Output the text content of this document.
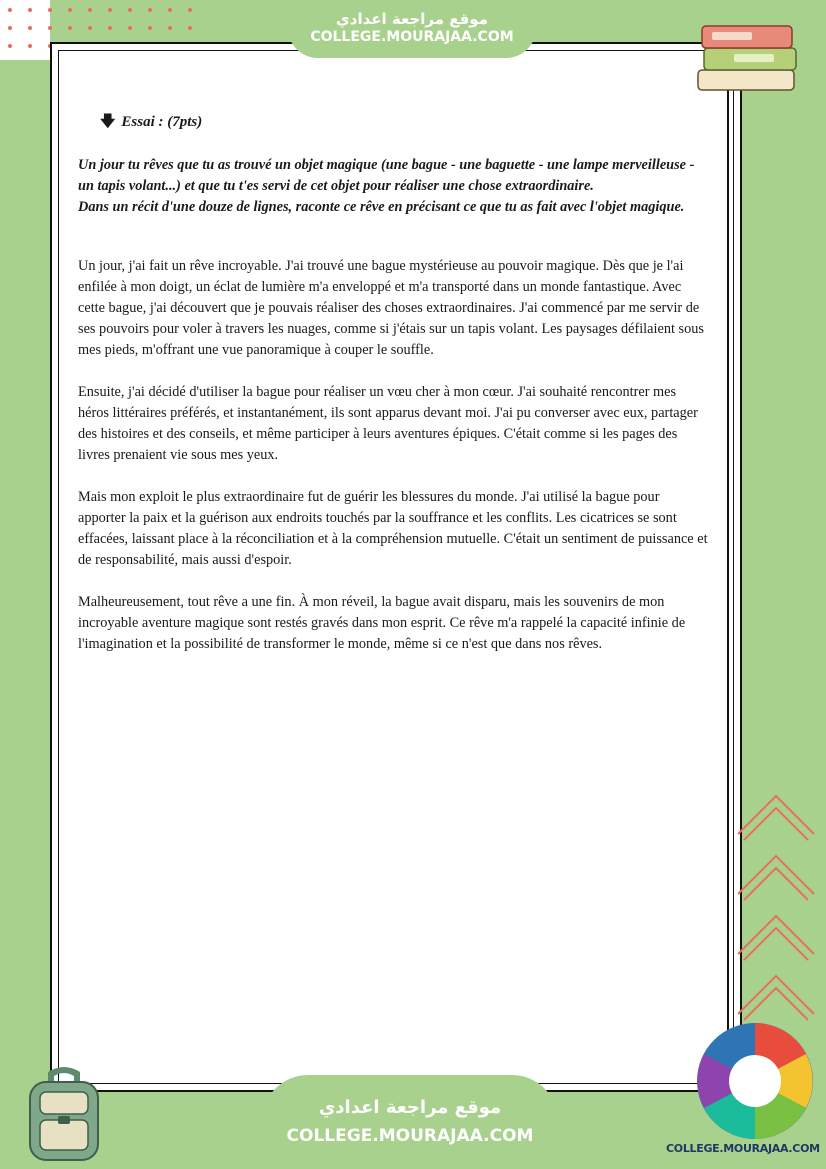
موقع مراجعة اعدادي
COLLEGE.MOURAJAA.COM
🡇 Essai : (7pts)

Un jour tu rêves que tu as trouvé un objet magique (une bague - une baguette - une lampe merveilleuse - un tapis volant...) et que tu t'es servi de cet objet pour réaliser une chose extraordinaire.

Dans un récit d'une douze de lignes, raconte ce rêve en précisant ce que tu as fait avec l'objet magique.

Un jour, j'ai fait un rêve incroyable. J'ai trouvé une bague mystérieuse au pouvoir magique. Dès que je l'ai enfilée à mon doigt, un éclat de lumière m'a enveloppé et m'a transporté dans un monde fantastique. Avec cette bague, j'ai découvert que je pouvais réaliser des choses extraordinaires. J'ai commencé par me servir de ses pouvoirs pour voler à travers les nuages, comme si j'étais sur un tapis volant. Les paysages défilaient sous mes pieds, m'offrant une vue panoramique à couper le souffle.

Ensuite, j'ai décidé d'utiliser la bague pour réaliser un vœu cher à mon cœur. J'ai souhaité rencontrer mes héros littéraires préférés, et instantanément, ils sont apparus devant moi. J'ai pu converser avec eux, partager des histoires et des conseils, et même participer à leurs aventures épiques. C'était comme si les pages des livres prenaient vie sous mes yeux.

Mais mon exploit le plus extraordinaire fut de guérir les blessures du monde. J'ai utilisé la bague pour apporter la paix et la guérison aux endroits touchés par la souffrance et les conflits. Les cicatrices se sont effacées, laissant place à la réconciliation et à la compréhension mutuelle. C'était un sentiment de puissance et de responsabilité, mais aussi d'espoir.

Malheureusement, tout rêve a une fin. À mon réveil, la bague avait disparu, mais les souvenirs de mon incroyable aventure magique sont restés gravés dans mon esprit. Ce rêve m'a rappelé la capacité infinie de l'imagination et la possibilité de transformer le monde, même si ce n'est que dans nos rêves.

موقع مراجعة اعدادي
COLLEGE.MOURAJAA.COM
COLLEGE.MOURAJAA.COM
